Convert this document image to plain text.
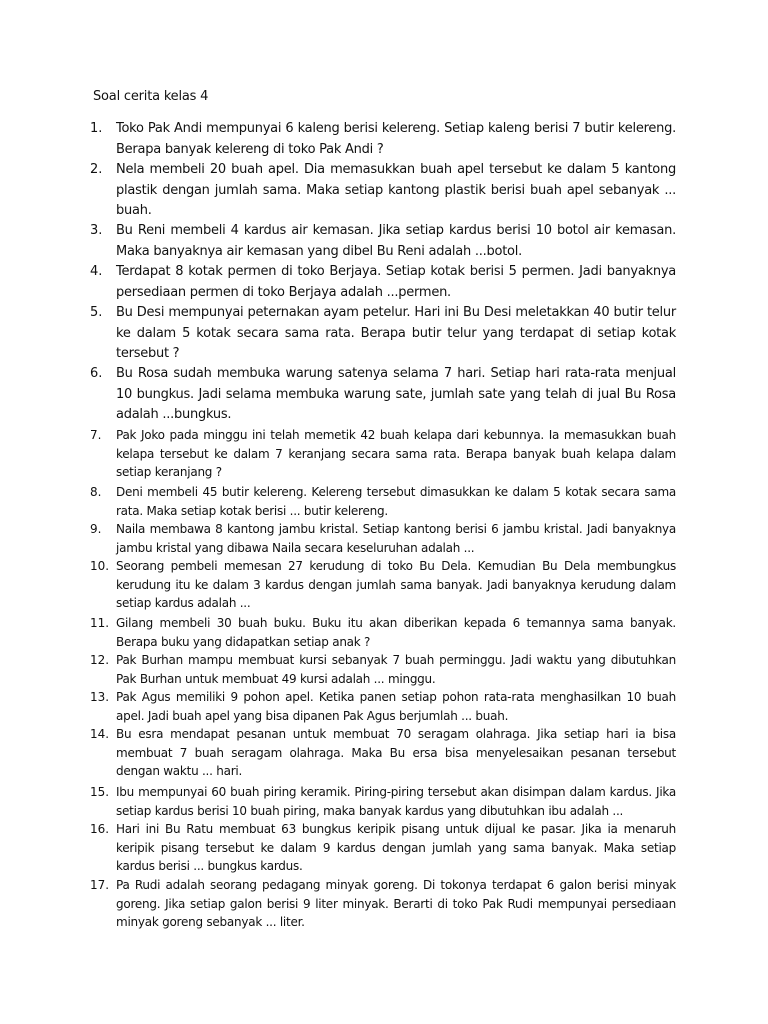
Soal cerita kelas 4
1.	Toko Pak Andi mempunyai 6 kaleng berisi kelereng. Setiap kaleng berisi 7 butir kelereng. Berapa banyak kelereng di toko Pak Andi ?
2.	Nela membeli 20 buah apel. Dia memasukkan buah apel tersebut ke dalam 5 kantong plastik dengan jumlah sama. Maka setiap kantong plastik berisi buah apel sebanyak ... buah.
3.	Bu Reni membeli 4 kardus air kemasan. Jika setiap kardus berisi 10 botol air kemasan. Maka banyaknya air kemasan yang dibel Bu Reni adalah ...botol.
4.	Terdapat 8 kotak permen di toko Berjaya. Setiap kotak berisi 5 permen. Jadi banyaknya persediaan permen di toko Berjaya adalah ...permen.
5.	Bu Desi mempunyai peternakan ayam petelur. Hari ini Bu Desi meletakkan 40 butir telur ke dalam 5 kotak secara sama rata. Berapa butir telur yang terdapat di setiap kotak tersebut ?
6.	Bu Rosa sudah membuka warung satenya selama 7 hari. Setiap hari rata-rata menjual 10 bungkus. Jadi selama membuka warung sate, jumlah sate yang telah di jual Bu Rosa adalah ...bungkus.
7.	Pak Joko pada minggu ini telah memetik 42 buah kelapa dari kebunnya. Ia memasukkan buah kelapa tersebut ke dalam 7 keranjang secara sama rata. Berapa banyak buah kelapa dalam setiap keranjang ?
8.	Deni membeli 45 butir kelereng. Kelereng tersebut dimasukkan ke dalam 5 kotak secara sama rata. Maka setiap kotak berisi ... butir kelereng.
9.	Naila membawa 8 kantong jambu kristal. Setiap kantong berisi 6 jambu kristal. Jadi banyaknya jambu kristal yang dibawa Naila secara keseluruhan adalah ...
10. Seorang pembeli memesan 27 kerudung di toko Bu Dela. Kemudian Bu Dela membungkus kerudung itu ke dalam 3 kardus dengan jumlah sama banyak. Jadi banyaknya kerudung dalam setiap kardus adalah ...
11. Gilang membeli 30 buah buku. Buku itu akan diberikan kepada 6 temannya sama banyak. Berapa buku yang didapatkan setiap anak ?
12. Pak Burhan mampu membuat kursi sebanyak 7 buah perminggu. Jadi waktu yang dibutuhkan Pak Burhan untuk membuat 49 kursi adalah ... minggu.
13. Pak Agus memiliki 9 pohon apel. Ketika panen setiap pohon rata-rata menghasilkan 10 buah apel. Jadi buah apel yang bisa dipanen Pak Agus berjumlah ... buah.
14. Bu esra mendapat pesanan untuk membuat 70 seragam olahraga. Jika setiap hari ia bisa membuat 7 buah seragam olahraga. Maka Bu ersa bisa menyelesaikan pesanan tersebut dengan waktu ... hari.
15. Ibu mempunyai 60 buah piring keramik. Piring-piring tersebut akan disimpan dalam kardus. Jika setiap kardus berisi 10 buah piring, maka banyak kardus yang dibutuhkan ibu adalah ...
16. Hari ini Bu Ratu membuat 63 bungkus keripik pisang untuk dijual ke pasar. Jika ia menaruh keripik pisang tersebut ke dalam 9 kardus dengan jumlah yang sama banyak. Maka setiap kardus berisi ... bungkus kardus.
17. Pa Rudi adalah seorang pedagang minyak goreng. Di tokonya terdapat 6 galon berisi minyak goreng. Jika setiap galon berisi 9 liter minyak. Berarti di toko Pak Rudi mempunyai persediaan minyak goreng sebanyak ... liter.
